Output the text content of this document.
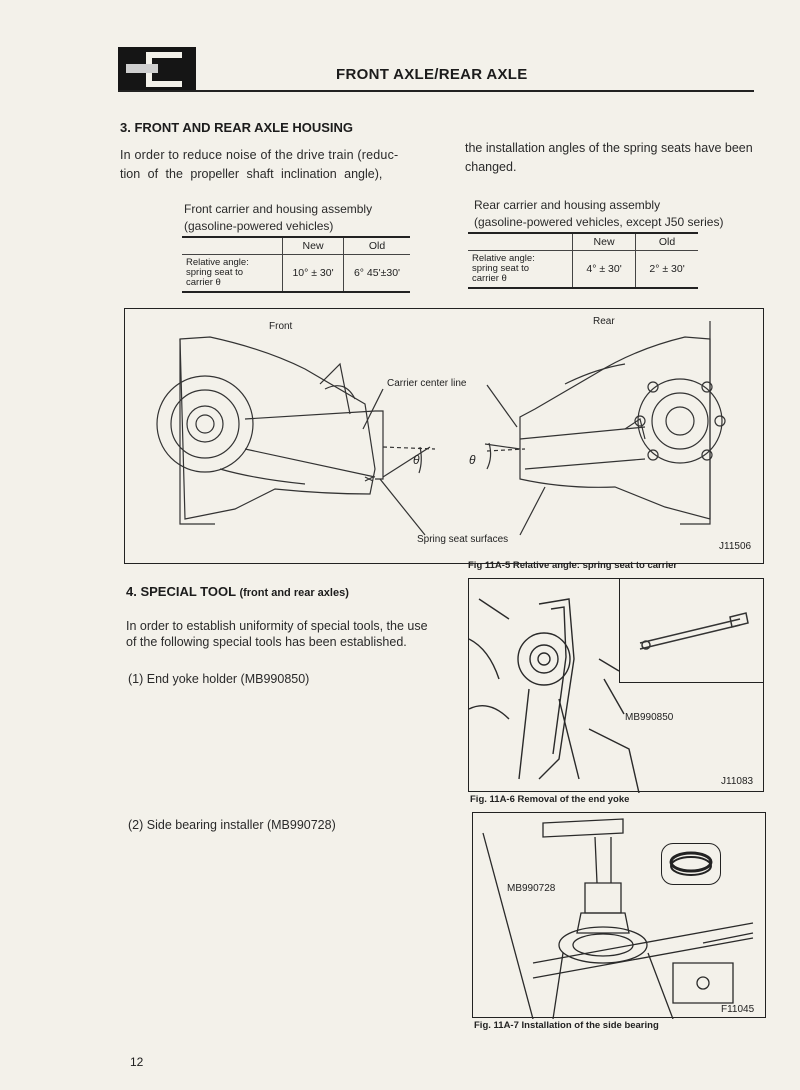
FRONT AXLE/REAR AXLE
3. FRONT AND REAR AXLE HOUSING
In order to reduce noise of the drive train (reduc-
tion of the propeller shaft inclination angle),
the installation angles of the spring seats have been
changed.
Front carrier and housing assembly
(gasoline-powered vehicles)
	New	Old

Relative angle:
spring seat to
carrier θ	10° ± 30'	6° 45'±30'
Rear carrier and housing assembly
(gasoline-powered vehicles, except J50 series)
	New	Old

Relative angle:
spring seat to
carrier θ	4° ± 30'	2° ± 30'
Front	Rear
Carrier center line
θ	θ
Spring seat surfaces
J11506
Fig 11A-5 Relative angle: spring seat to carrier
4. SPECIAL TOOL (front and rear axles)
In order to establish uniformity of special tools, the use
of the following special tools has been established.
(1) End yoke holder (MB990850)
(2) Side bearing installer (MB990728)
MB990850
J11083
Fig. 11A-6 Removal of the end yoke
MB990728
F11045
Fig. 11A-7 Installation of the side bearing
12
